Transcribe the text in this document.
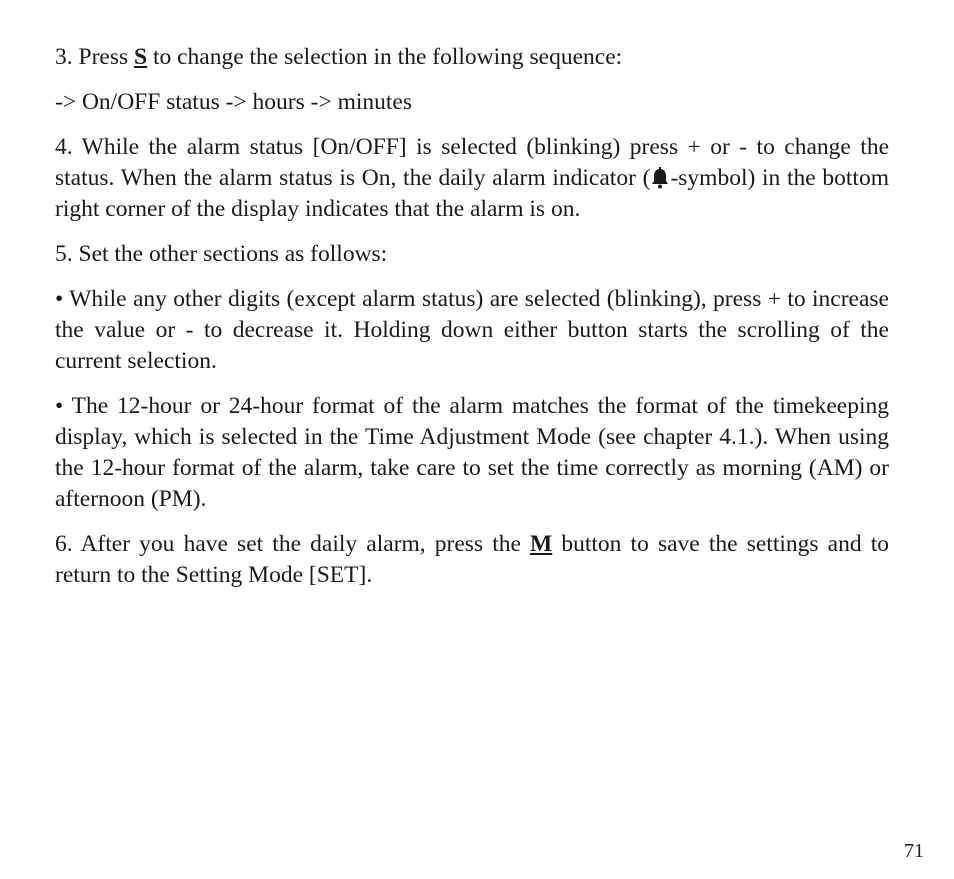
3. Press S to change the selection in the following sequence:

-> On/OFF status -> hours -> minutes

4. While the alarm status [On/OFF] is selected (blinking) press + or - to change the status. When the alarm status is On, the daily alarm indicator ( -symbol) in the bottom right corner of the display indicates that the alarm is on.

5. Set the other sections as follows:

• While any other digits (except alarm status) are selected (blinking), press + to increase the value or - to decrease it. Holding down either button starts the scrolling of the current selection.

• The 12-hour or 24-hour format of the alarm matches the format of the timekeeping display, which is selected in the Time Adjustment Mode (see chapter 4.1.). When using the 12-hour format of the alarm, take care to set the time correctly as morning (AM) or afternoon (PM).

6. After you have set the daily alarm, press the M button to save the settings and to return to the Setting Mode [SET].

71
